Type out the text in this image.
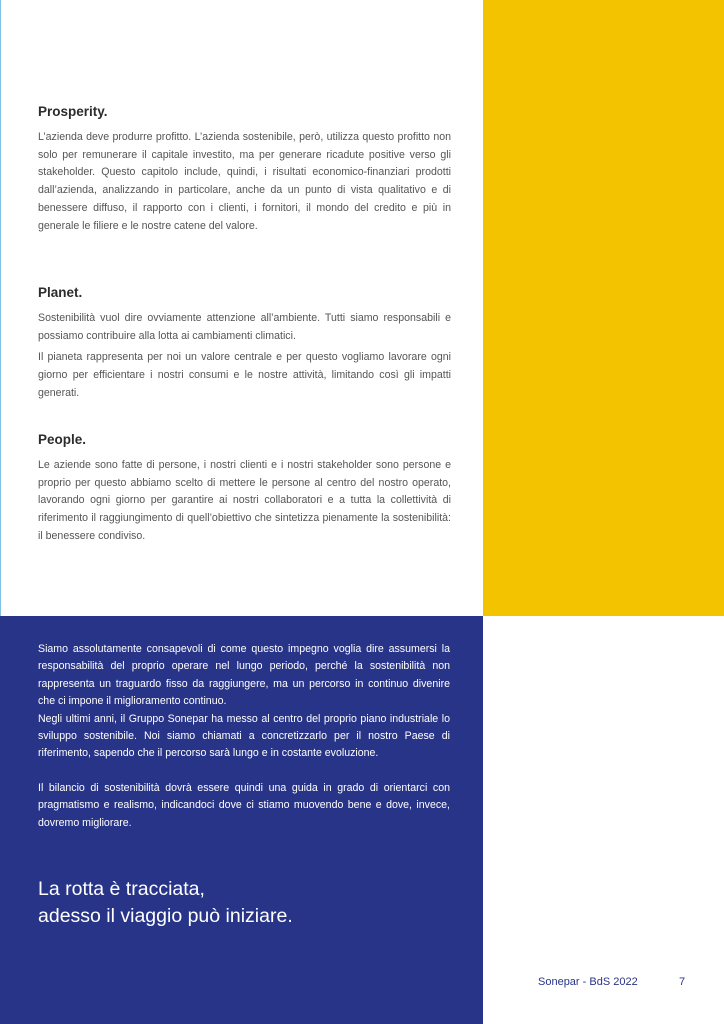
Prosperity.

L’azienda deve produrre profitto. L’azienda sostenibile, però, utilizza questo profitto non solo per remunerare il capitale investito, ma per generare ricadute positive verso gli stakeholder. Questo capitolo include, quindi, i risultati economico-finanziari prodotti dall’azienda, analizzando in particolare, anche da un punto di vista qualitativo e di benessere diffuso, il rapporto con i clienti, i fornitori, il mondo del credito e più in generale le filiere e le nostre catene del valore.

Planet.

Sostenibilità vuol dire ovviamente attenzione all’ambiente. Tutti siamo responsabili e possiamo contribuire alla lotta ai cambiamenti climatici.

Il pianeta rappresenta per noi un valore centrale e per questo vogliamo lavorare ogni giorno per efficientare i nostri consumi e le nostre attività, limitando così gli impatti generati.

People.

Le aziende sono fatte di persone, i nostri clienti e i nostri stakeholder sono persone e proprio per questo abbiamo scelto di mettere le persone al centro del nostro operato, lavorando ogni giorno per garantire ai nostri collaboratori e a tutta la collettività di riferimento il raggiungimento di quell’obiettivo che sintetizza pienamente la sostenibilità: il benessere condiviso.

Siamo assolutamente consapevoli di come questo impegno voglia dire assumersi la responsabilità del proprio operare nel lungo periodo, perché la sostenibilità non rappresenta un traguardo fisso da raggiungere, ma un percorso in continuo divenire che ci impone il miglioramento continuo.

Negli ultimi anni, il Gruppo Sonepar ha messo al centro del proprio piano industriale lo sviluppo sostenibile. Noi siamo chiamati a concretizzarlo per il nostro Paese di riferimento, sapendo che il percorso sarà lungo e in costante evoluzione.

Il bilancio di sostenibilità dovrà essere quindi una guida in grado di orientarci con pragmatismo e realismo, indicandoci dove ci stiamo muovendo bene e dove, invece, dovremo migliorare.

La rotta è tracciata,
adesso il viaggio può iniziare.
Sonepar - BdS 2022	7
